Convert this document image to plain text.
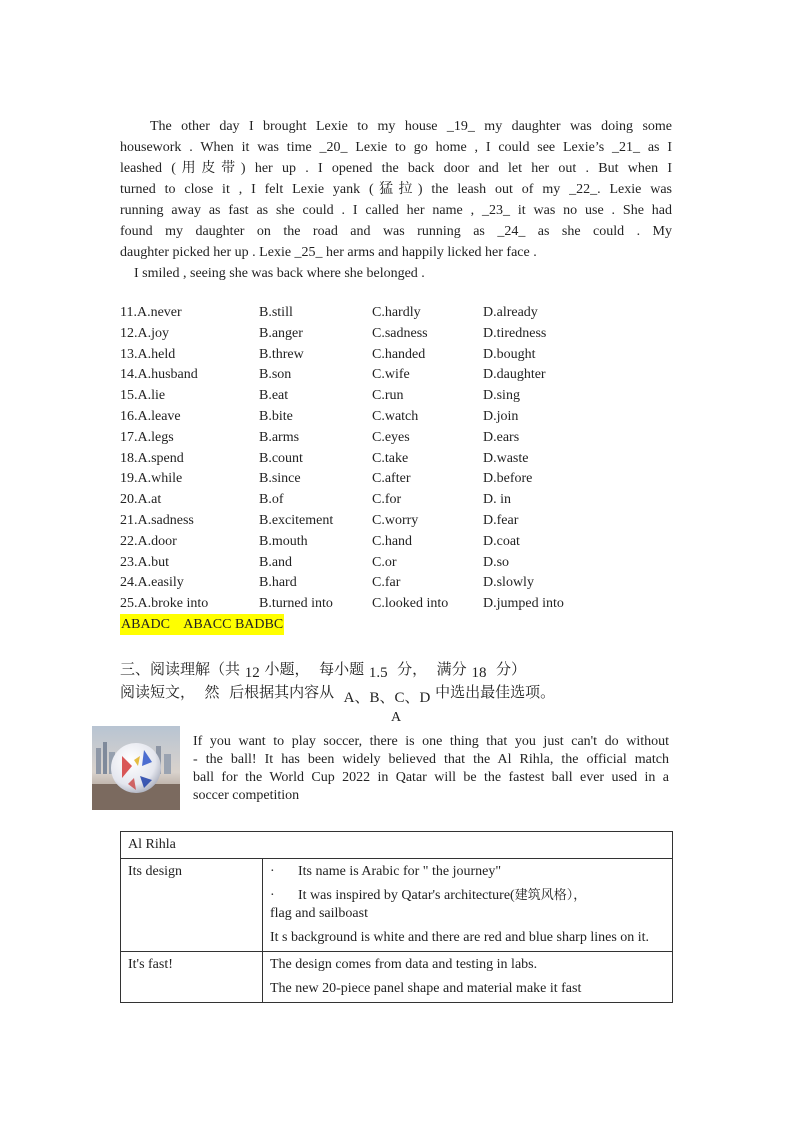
The other day I brought Lexie to my house _19_ my daughter was doing some

housework . When it was time _20_ Lexie to go home , I could see Lexie’s _21_ as I

leashed (用皮带) her up . I opened the back door and let her out . But when I

turned to close it , I felt Lexie yank (猛拉) the leash out of my _22_. Lexie was

running away as fast as she could . I called her name , _23_ it was no use . She had

found my daughter on the road and was running as _24_ as she could . My

daughter picked her up . Lexie _25_ her arms and happily licked her face .

I smiled , seeing she was back where she belonged .

11.A.never	B.still	C.hardly	D.already
12.A.joy	B.anger	C.sadness	D.tiredness
13.A.held	B.threw	C.handed	D.bought
14.A.husband	B.son	C.wife	D.daughter
15.A.lie	B.eat	C.run	D.sing
16.A.leave	B.bite	C.watch	D.join
17.A.legs	B.arms	C.eyes	D.ears
18.A.spend	B.count	C.take	D.waste
19.A.while	B.since	C.after	D.before
20.A.at	B.of	C.for	D. in
21.A.sadness	B.excitement	C.worry	D.fear
22.A.door	B.mouth	C.hand	D.coat
23.A.but	B.and	C.or	D.so
24.A.easily	B.hard	C.far	D.slowly
25.A.broke into	B.turned into	C.looked into D.jumped into
ABADC    ABACC BADBC
三、阅读理解（共 12 小题，  每小题 1.5  分，  满分 18  分）
阅读短文，  然  后根据其内容从  A、B、C、D 中选出最佳选项。
A

If you want to play soccer, there is one thing that you just can't do without

- the ball! It has been widely believed that the Al Rihla, the official match

ball for the World Cup 2022 in Qatar will be the fastest ball ever used in a

soccer competition

Al Rihla	
Its design	· Its name is Arabic for " the journey"
· It was inspired by Qatar's architecture(建筑风格），
flag and sailboast
It s background is white and there are red and blue sharp lines on it.

It's fast!	The design comes from data and testing in labs.
The new 20-piece panel shape and material make it fast
